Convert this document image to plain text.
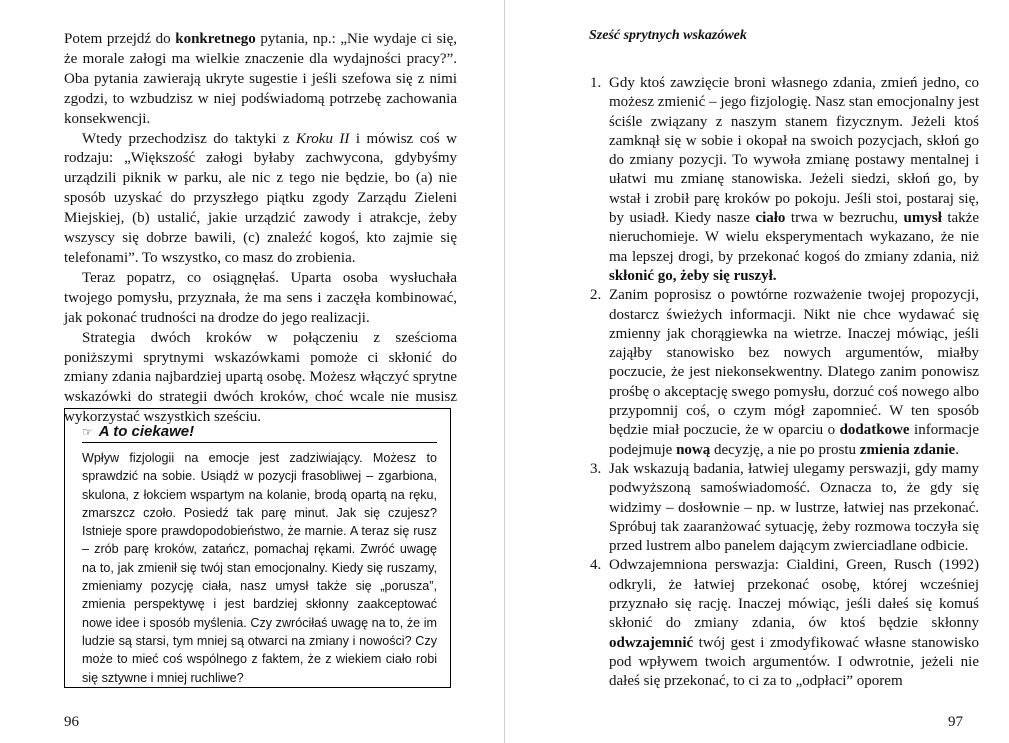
Potem przejdź do konkretnego pytania, np.: „Nie wydaje ci się, że morale załogi ma wielkie znaczenie dla wydajności pracy?”. Oba pytania zawierają ukryte sugestie i jeśli szefowa się z nimi zgodzi, to wzbudzisz w niej podświadomą potrzebę zachowania konsekwencji.

Wtedy przechodzisz do taktyki z Kroku II i mówisz coś w rodzaju: „Większość załogi byłaby zachwycona, gdybyśmy urządzili piknik w parku, ale nic z tego nie będzie, bo (a) nie sposób uzyskać do przyszłego piątku zgody Zarządu Zieleni Miejskiej, (b) ustalić, jakie urządzić zawody i atrakcje, żeby wszyscy się dobrze bawili, (c) znaleźć kogoś, kto zajmie się telefonami”. To wszystko, co masz do zrobienia.

Teraz popatrz, co osiągnęłaś. Uparta osoba wysłuchała twojego pomysłu, przyznała, że ma sens i zaczęła kombinować, jak pokonać trudności na drodze do jego realizacji.

Strategia dwóch kroków w połączeniu z sześcioma poniższymi sprytnymi wskazówkami pomoże ci skłonić do zmiany zdania najbardziej upartą osobę. Możesz włączyć sprytne wskazówki do strategii dwóch kroków, choć wcale nie musisz wykorzystać wszystkich sześciu.

☞ A to ciekawe!
Wpływ fizjologii na emocje jest zadziwiający. Możesz to sprawdzić na sobie. Usiądź w pozycji frasobliwej – zgarbiona, skulona, z łokciem wspartym na kolanie, brodą opartą na ręku, zmarszcz czoło. Posiedź tak parę minut. Jak się czujesz? Istnieje spore prawdopodobieństwo, że marnie. A teraz się rusz – zrób parę kroków, zatańcz, pomachaj rękami. Zwróć uwagę na to, jak zmienił się twój stan emocjonalny. Kiedy się ruszamy, zmieniamy pozycję ciała, nasz umysł także się „porusza”, zmienia perspektywę i jest bardziej skłonny zaakceptować nowe idee i sposób myślenia. Czy zwróciłaś uwagę na to, że im ludzie są starsi, tym mniej są otwarci na zmiany i nowości? Czy może to mieć coś wspólnego z faktem, że z wiekiem ciało robi się sztywne i mniej ruchliwe?
96
Sześć sprytnych wskazówek
1. Gdy ktoś zawzięcie broni własnego zdania, zmień jedno, co możesz zmienić – jego fizjologię. Nasz stan emocjonalny jest ściśle związany z naszym stanem fizycznym. Jeżeli ktoś zamknął się w sobie i okopał na swoich pozycjach, skłoń go do zmiany pozycji. To wywoła zmianę postawy mentalnej i ułatwi mu zmianę stanowiska. Jeżeli siedzi, skłoń go, by wstał i zrobił parę kroków po pokoju. Jeśli stoi, postaraj się, by usiadł. Kiedy nasze ciało trwa w bezruchu, umysł także nieruchomieje. W wielu eksperymentach wykazano, że nie ma lepszej drogi, by przekonać kogoś do zmiany zdania, niż skłonić go, żeby się ruszył.
2. Zanim poprosisz o powtórne rozważenie twojej propozycji, dostarcz świeżych informacji. Nikt nie chce wydawać się zmienny jak chorągiewka na wietrze. Inaczej mówiąc, jeśli zająłby stanowisko bez nowych argumentów, miałby poczucie, że jest niekonsekwentny. Dlatego zanim ponowisz prośbę o akceptację swego pomysłu, dorzuć coś nowego albo przypomnij coś, o czym mógł zapomnieć. W ten sposób będzie miał poczucie, że w oparciu o dodatkowe informacje podejmuje nową decyzję, a nie po prostu zmienia zdanie.
3. Jak wskazują badania, łatwiej ulegamy perswazji, gdy mamy podwyższoną samoświadomość. Oznacza to, że gdy się widzimy – dosłownie – np. w lustrze, łatwiej nas przekonać. Spróbuj tak zaaranżować sytuację, żeby rozmowa toczyła się przed lustrem albo panelem dającym zwierciadlane odbicie.
4. Odwzajemniona perswazja: Cialdini, Green, Rusch (1992) odkryli, że łatwiej przekonać osobę, której wcześniej przyznało się rację. Inaczej mówiąc, jeśli dałeś się komuś skłonić do zmiany zdania, ów ktoś będzie skłonny odwzajemnić twój gest i zmodyfikować własne stanowisko pod wpływem twoich argumentów. I odwrotnie, jeżeli nie dałeś się przekonać, to ci za to „odpłaci” oporem
97
